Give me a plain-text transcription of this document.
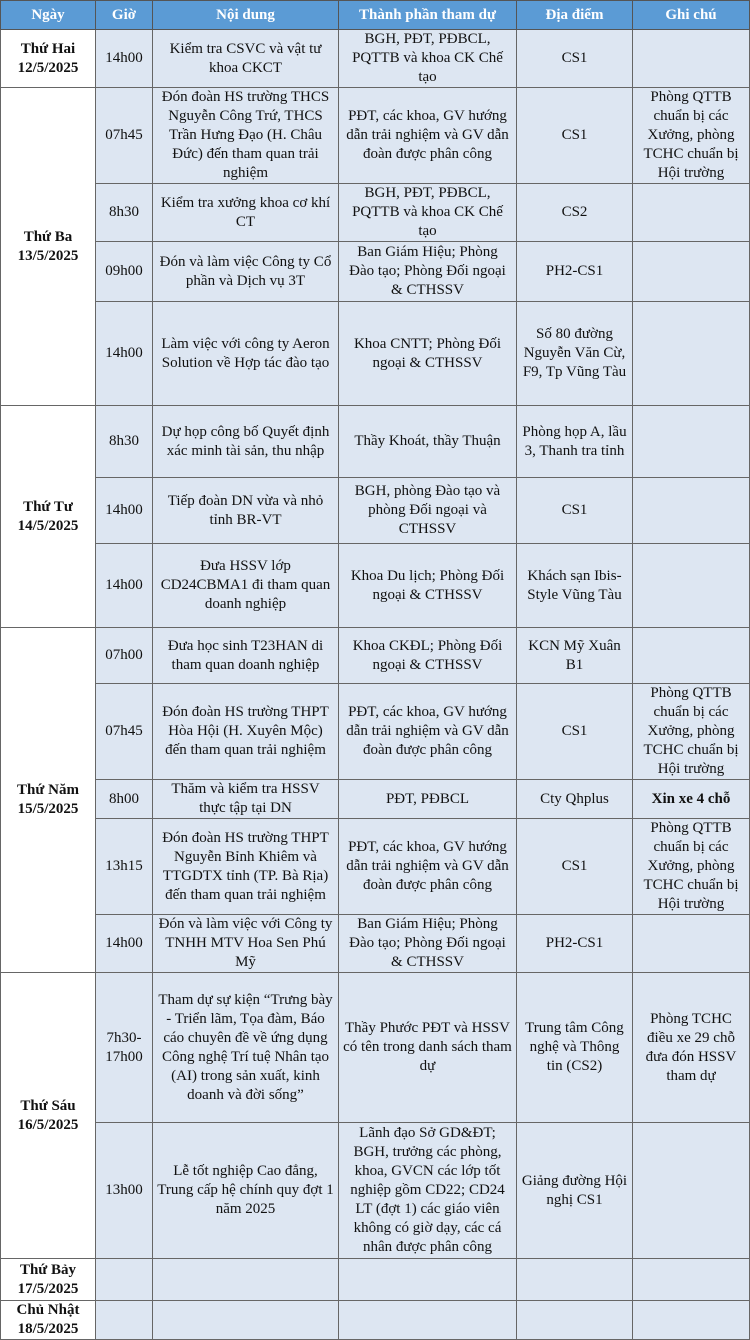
Ngày	Giờ	Nội dung	Thành phần tham dự	Địa điểm	Ghi chú
Thứ Hai
12/5/2025	14h00	Kiểm tra CSVC và vật tư khoa CKCT	BGH, PĐT, PĐBCL, PQTTB và khoa CK Chế tạo	CS1	
Thứ Ba
13/5/2025	07h45	Đón đoàn HS trường THCS Nguyễn Công Trứ, THCS Trần Hưng Đạo (H. Châu Đức) đến tham quan trải nghiệm	PĐT, các khoa, GV hướng dẫn trải nghiệm và GV dẫn đoàn được phân công	CS1	Phòng QTTB chuẩn bị các Xưởng, phòng TCHC chuẩn bị Hội trường
	8h30	Kiểm tra xưởng khoa cơ khí CT	BGH, PĐT, PĐBCL, PQTTB và khoa CK Chế tạo	CS2	
	09h00	Đón và làm việc Công ty Cổ phần và Dịch vụ 3T	Ban Giám Hiệu; Phòng Đào tạo; Phòng Đối ngoại & CTHSSV	PH2-CS1	
	14h00	Làm việc với công ty Aeron Solution về Hợp tác đào tạo	Khoa CNTT; Phòng Đối ngoại & CTHSSV	Số 80 đường Nguyễn Văn Cừ, F9, Tp Vũng Tàu	
Thứ Tư
14/5/2025	8h30	Dự họp công bố Quyết định xác minh tài sản, thu nhập	Thầy Khoát, thầy Thuận	Phòng họp A, lầu 3, Thanh tra tỉnh	
	14h00	Tiếp đoàn DN vừa và nhỏ tỉnh BR-VT	BGH, phòng Đào tạo và phòng Đối ngoại và CTHSSV	CS1	
	14h00	Đưa HSSV lớp CD24CBMA1 đi tham quan doanh nghiệp	Khoa Du lịch; Phòng Đối ngoại & CTHSSV	Khách sạn Ibis-Style Vũng Tàu	
Thứ Năm
15/5/2025	07h00	Đưa học sinh T23HAN di tham quan doanh nghiệp	Khoa CKĐL; Phòng Đối ngoại & CTHSSV	KCN Mỹ Xuân B1	
	07h45	Đón đoàn HS trường THPT Hòa Hội (H. Xuyên Mộc) đến tham quan trải nghiệm	PĐT, các khoa, GV hướng dẫn trải nghiệm và GV dẫn đoàn được phân công	CS1	Phòng QTTB chuẩn bị các Xưởng, phòng TCHC chuẩn bị Hội trường
	8h00	Thăm và kiểm tra HSSV thực tập tại DN	PĐT, PĐBCL	Cty Qhplus	Xin xe 4 chỗ
	13h15	Đón đoàn HS trường THPT Nguyễn Bỉnh Khiêm và TTGDTX tỉnh (TP. Bà Rịa) đến tham quan trải nghiệm	PĐT, các khoa, GV hướng dẫn trải nghiệm và GV dẫn đoàn được phân công	CS1	Phòng QTTB chuẩn bị các Xưởng, phòng TCHC chuẩn bị Hội trường
	14h00	Đón và làm việc với Công ty TNHH MTV Hoa Sen Phú Mỹ	Ban Giám Hiệu; Phòng Đào tạo; Phòng Đối ngoại & CTHSSV	PH2-CS1	
Thứ Sáu
16/5/2025	7h30-17h00	Tham dự sự kiện “Trưng bày - Triển lãm, Tọa đàm, Báo cáo chuyên đề về ứng dụng Công nghệ Trí tuệ Nhân tạo (AI) trong sản xuất, kinh doanh và đời sống”	Thầy Phước PĐT và HSSV có tên trong danh sách tham dự	Trung tâm Công nghệ và Thông tin (CS2)	Phòng TCHC điều xe 29 chỗ đưa đón HSSV tham dự
	13h00	Lễ tốt nghiệp Cao đẳng, Trung cấp hệ chính quy đợt 1 năm 2025	Lãnh đạo Sở GD&ĐT; BGH, trưởng các phòng, khoa, GVCN các lớp tốt nghiệp gồm CD22; CD24 LT (đợt 1) các giáo viên không có giờ dạy, các cá nhân được phân công	Giảng đường Hội nghị CS1	
Thứ Bảy
17/5/2025					
Chủ Nhật
18/5/2025					
